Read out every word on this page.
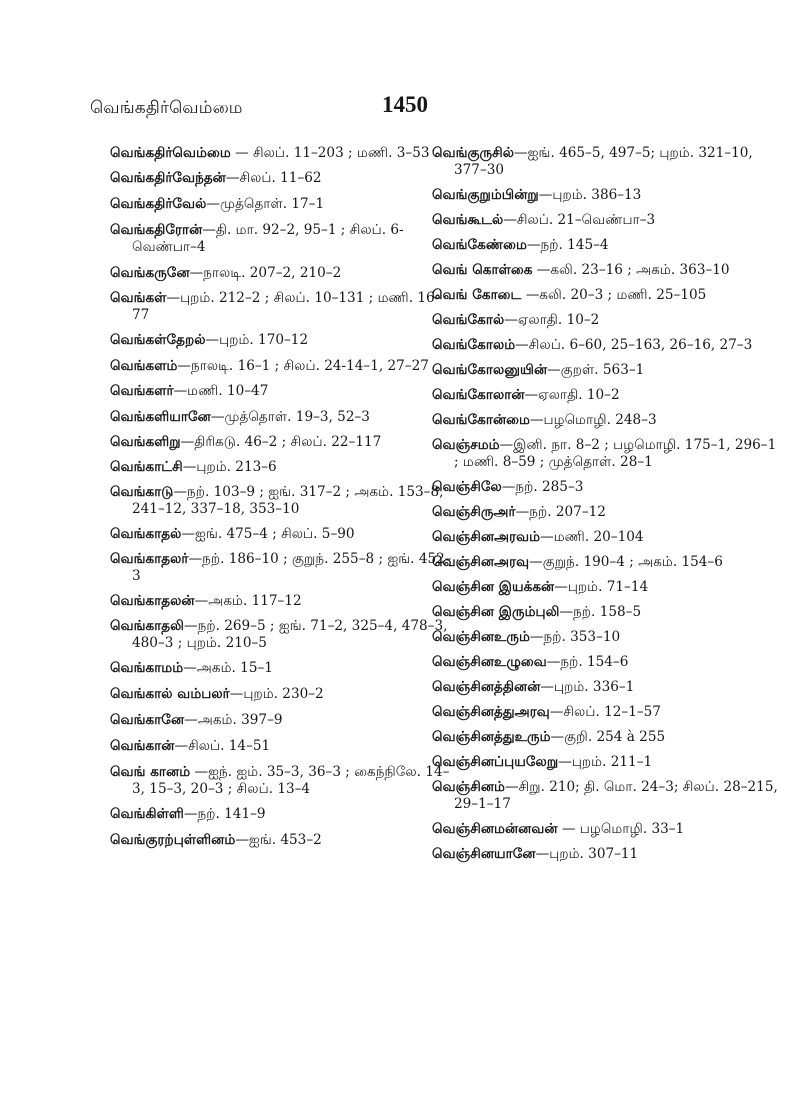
வெங்கதிர்வெம்மை	1450
வெங்கதிர்வெம்மை — சிலப். 11–203 ; மணி. 3–53
வெங்கதிர்வேந்தன்—சிலப். 11–62
வெங்கதிர்வேல்—முத்தொள். 17–1
வெங்கதிரோன்—தி. மா. 92–2, 95–1 ; சிலப். 6-வெண்பா–4
வெங்கருனே—நாலடி. 207–2, 210–2
வெங்கள்—புறம். 212–2 ; சிலப். 10–131 ; மணி. 16–77
வெங்கள்தேறல்—புறம். 170–12
வெங்களம்—நாலடி. 16–1 ; சிலப். 24-14–1, 27–27
வெங்களர்—மணி. 10–47
வெங்களியானே—முத்தொள். 19–3, 52–3
வெங்களிறு—திரிகடு. 46–2 ; சிலப். 22–117
வெங்காட்சி—புறம். 213–6
வெங்காடு—நற். 103–9 ; ஐங். 317–2 ; அகம். 153–8, 241–12, 337–18, 353–10
வெங்காதல்—ஐங். 475–4 ; சிலப். 5–90
வெங்காதலர்—நற். 186–10 ; குறுந். 255–8 ; ஐங். 452–3
வெங்காதலன்—அகம். 117–12
வெங்காதலி—நற். 269–5 ; ஐங். 71–2, 325–4, 478–3, 480–3 ; புறம். 210–5
வெங்காமம்—அகம். 15–1
வெங்கால் வம்பலர்—புறம். 230–2
வெங்கானே—அகம். 397–9
வெங்கான்—சிலப். 14–51
வெங் கானம் —ஐந். ஐம். 35–3, 36–3 ; கைந்நிலே. 14–3, 15–3, 20–3 ; சிலப். 13–4
வெங்கிள்ளி—நற். 141–9
வெங்குரற்புள்ளினம்—ஐங். 453–2
வெங்குருசில்—ஐங். 465–5, 497–5; புறம். 321–10, 377–30
வெங்குறும்பின்று—புறம். 386–13
வெங்கூடல்—சிலப். 21–வெண்பா–3
வெங்கேண்மை—நற். 145–4
வெங் கொள்கை —கலி. 23–16 ; அகம். 363–10
வெங் கோடை —கலி. 20–3 ; மணி. 25–105
வெங்கோல்—ஏலாதி. 10–2
வெங்கோலம்—சிலப். 6–60, 25–163, 26–16, 27–3
வெங்கோலனுயின்—குறள். 563–1
வெங்கோலான்—ஏலாதி. 10–2
வெங்கோன்மை—பழமொழி. 248–3
வெஞ்சமம்—இனி. நா. 8–2 ; பழமொழி. 175–1, 296–1 ; மணி. 8–59 ; முத்தொள். 28–1
வெஞ்சிலே—நற். 285–3
வெஞ்சிருஅர்—நற். 207–12
வெஞ்சினஅரவம்—மணி. 20–104
வெஞ்சினஅரவு—குறுந். 190–4 ; அகம். 154–6
வெஞ்சின இயக்கன்—புறம். 71–14
வெஞ்சின இரும்புலி—நற். 158–5
வெஞ்சினஉரும்—நற். 353–10
வெஞ்சினஉழுவை—நற். 154–6
வெஞ்சினத்தினன்—புறம். 336–1
வெஞ்சினத்துஅரவு—சிலப். 12–1–57
வெஞ்சினத்துஉரும்—குறி. 254 à 255
வெஞ்சினப்புயலேறு—புறம். 211–1
வெஞ்சினம்—சிறு. 210; தி. மொ. 24–3; சிலப். 28–215, 29–1–17
வெஞ்சினமன்னவன் — பழமொழி. 33–1
வெஞ்சினயானே—புறம். 307–11
